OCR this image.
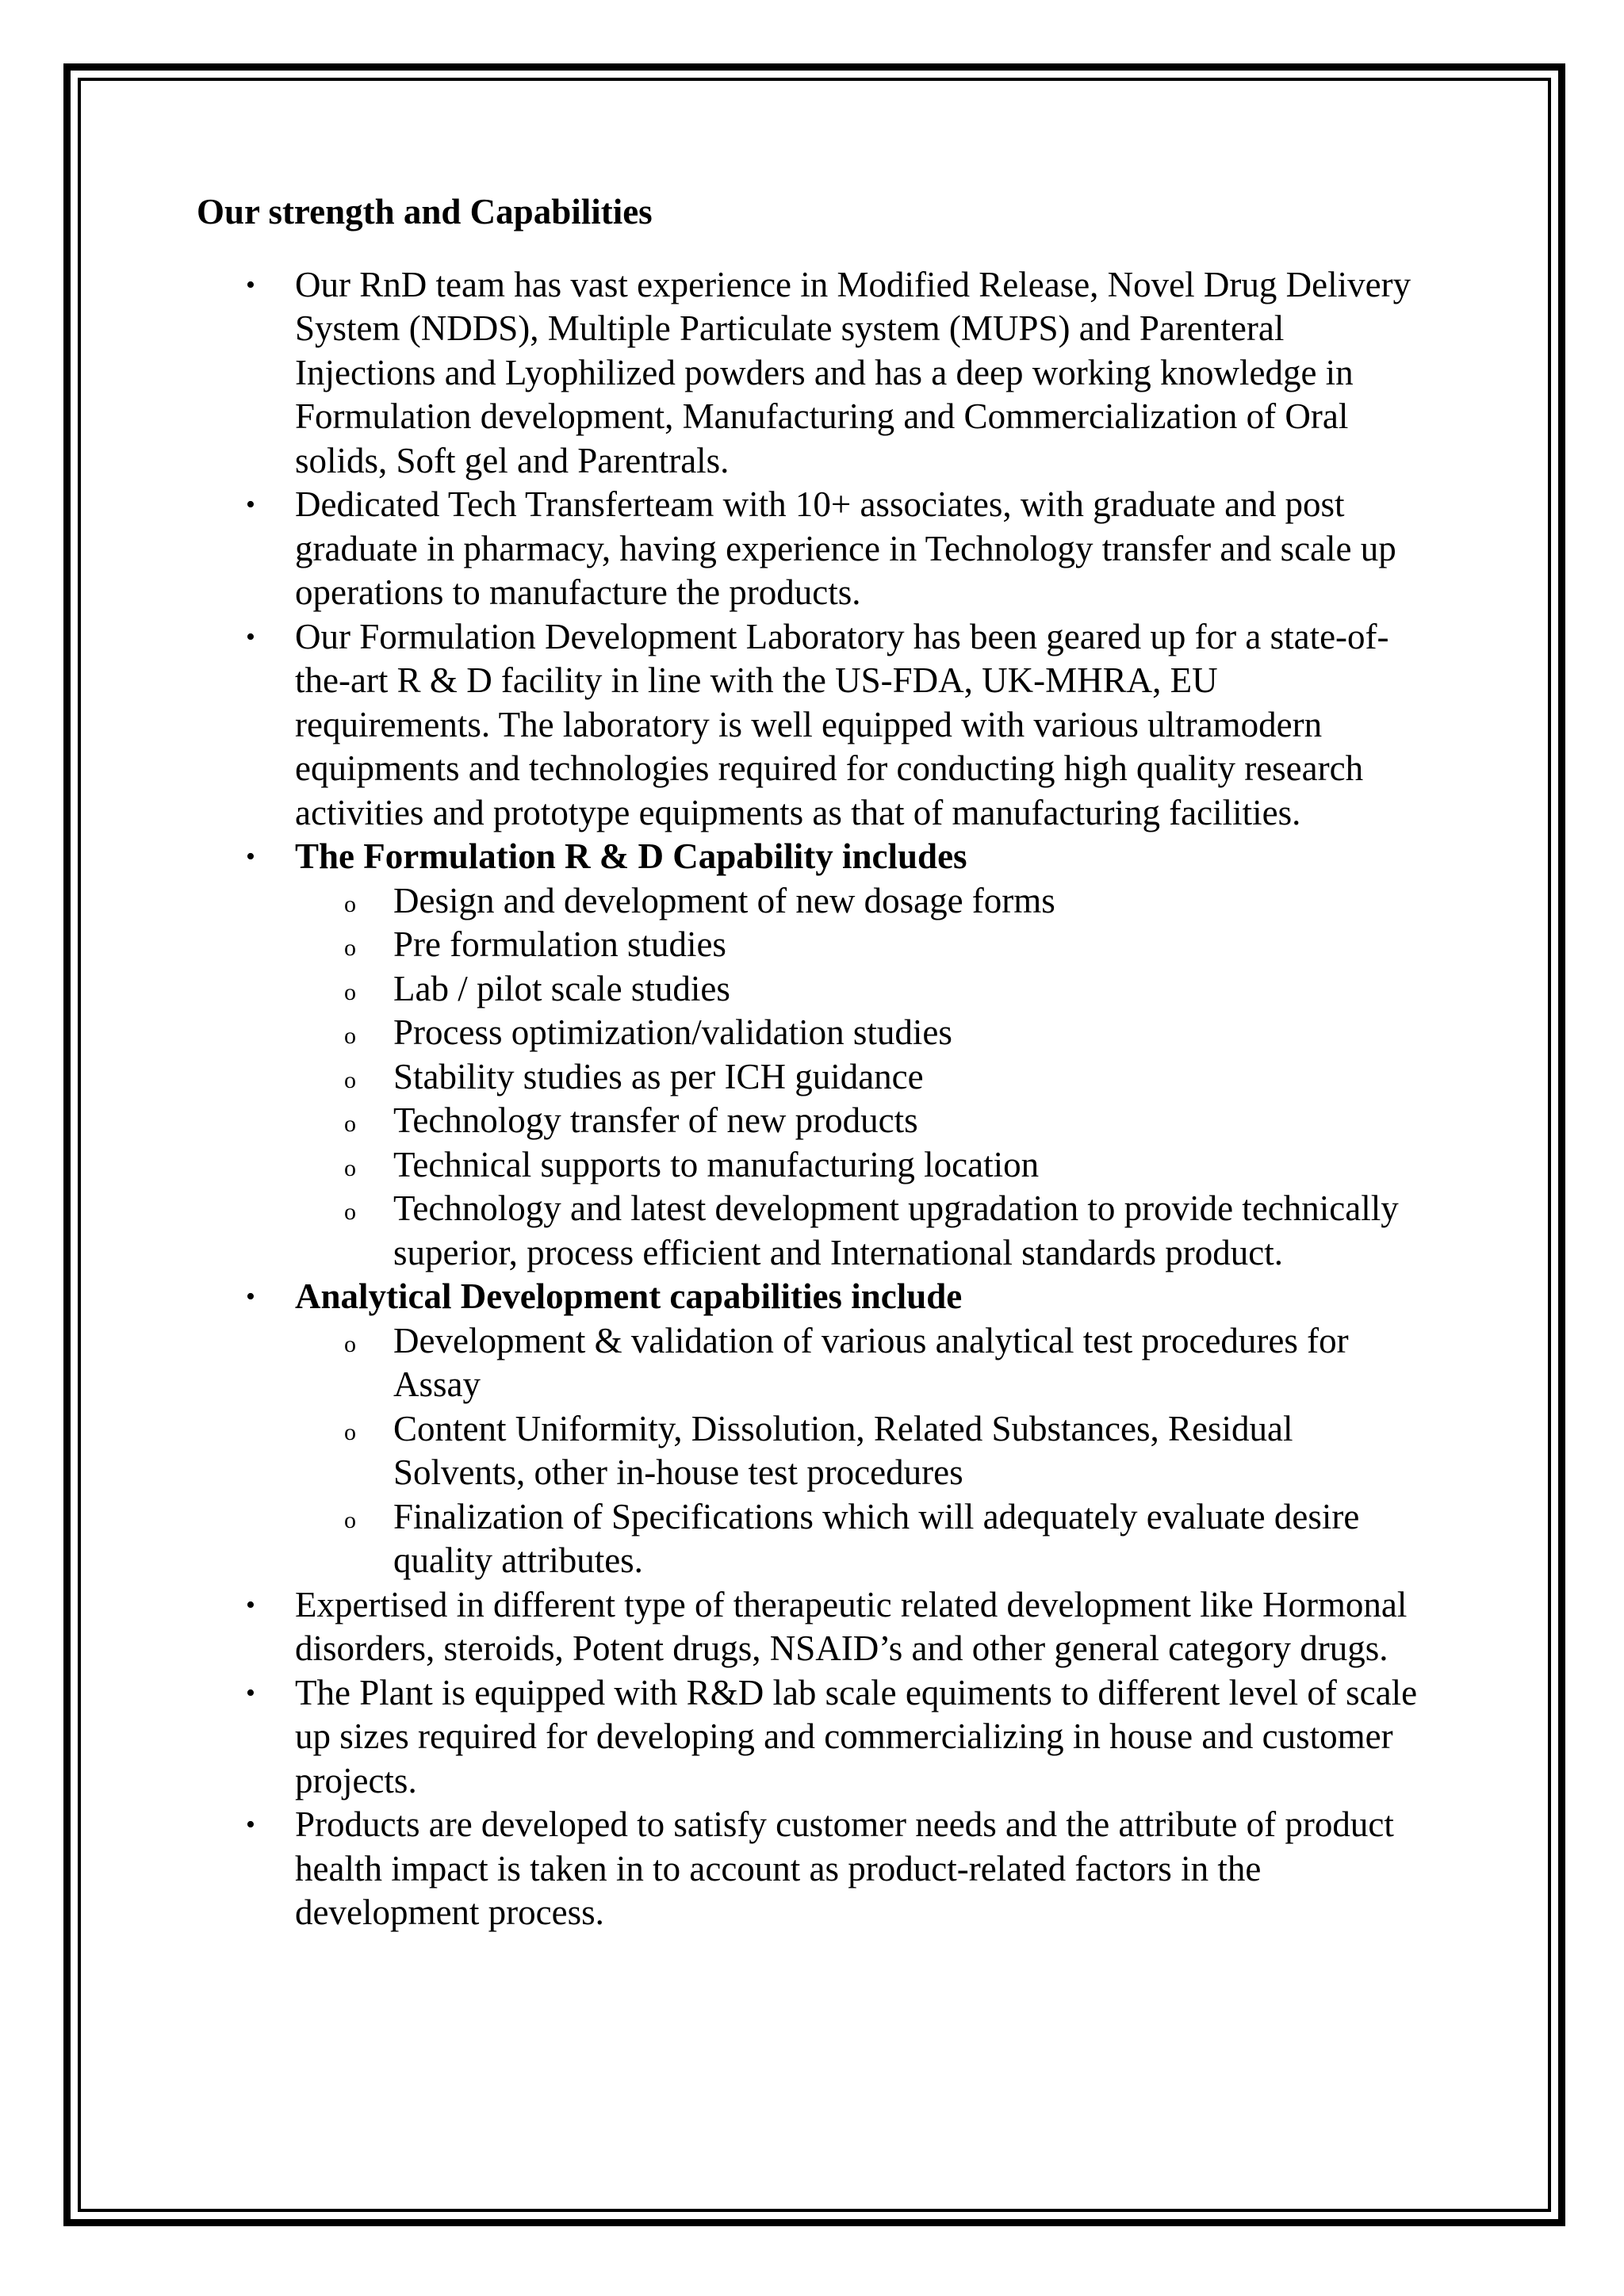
Our strength and Capabilities
• Our RnD team has vast experience in Modified Release, Novel Drug Delivery System (NDDS), Multiple Particulate system (MUPS) and Parenteral Injections and Lyophilized powders and has a deep working knowledge in Formulation development, Manufacturing and Commercialization of Oral solids, Soft gel and Parentrals.
• Dedicated Tech Transferteam with 10+ associates, with graduate and post graduate in pharmacy, having experience in Technology transfer and scale up operations to manufacture the products.
• Our Formulation Development Laboratory has been geared up for a state-of-the-art R & D facility in line with the US-FDA, UK-MHRA, EU requirements. The laboratory is well equipped with various ultramodern equipments and technologies required for conducting high quality research activities and prototype equipments as that of manufacturing facilities.
• The Formulation R & D Capability includes
o Design and development of new dosage forms
o Pre formulation studies
o Lab / pilot scale studies
o Process optimization/validation studies
o Stability studies as per ICH guidance
o Technology transfer of new products
o Technical supports to manufacturing location
o Technology and latest development upgradation to provide technically superior, process efficient and International standards product.
• Analytical Development capabilities include
o Development & validation of various analytical test procedures for Assay
o Content Uniformity, Dissolution, Related Substances, Residual Solvents, other in-house test procedures
o Finalization of Specifications which will adequately evaluate desire quality attributes.
• Expertised in different type of therapeutic related development like Hormonal disorders, steroids, Potent drugs, NSAID’s and other general category drugs.
• The Plant is equipped with R&D lab scale equiments to different level of scale up sizes required for developing and commercializing in house and customer projects.
• Products are developed to satisfy customer needs and the attribute of product health impact is taken in to account as product-related factors in the development process.
